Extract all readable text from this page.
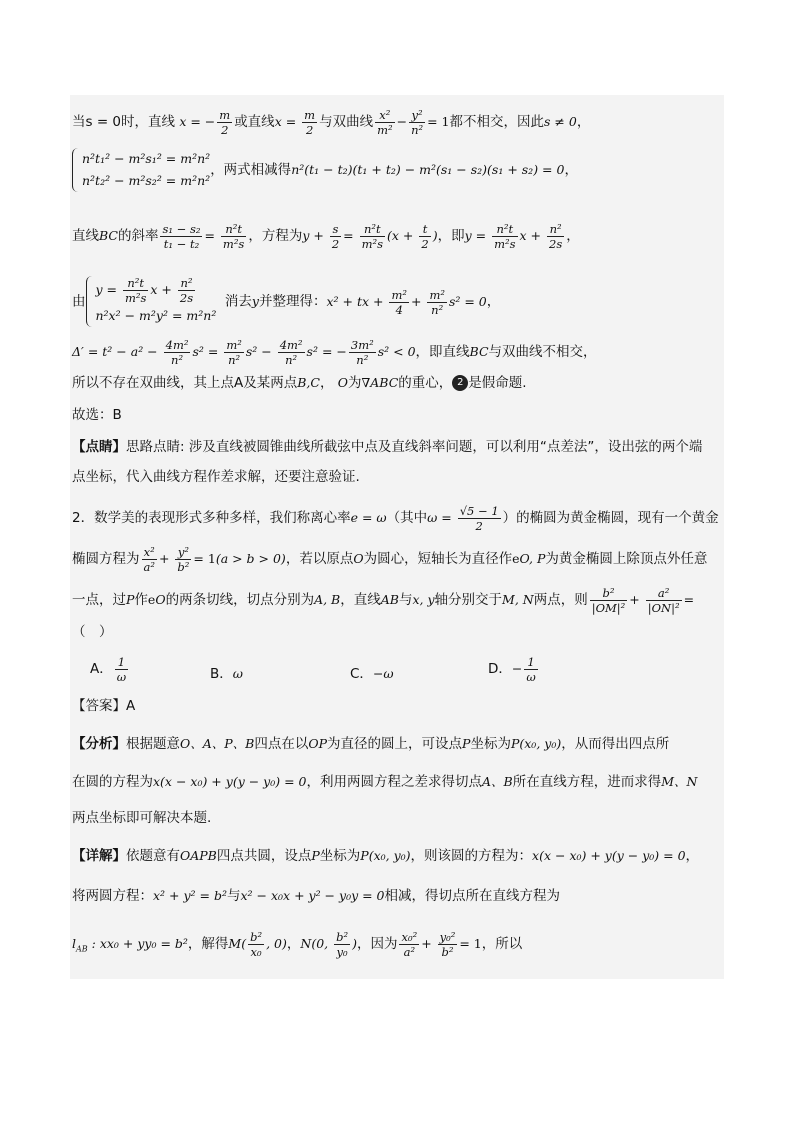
当s = 0时，直线 x = − $\frac{m}{2}$ 或直线$x = \frac{m}{2}$ 与双曲线 $\frac{\text{x²}}{\text{m²}} - \frac{\text{y²}}{\text{n²}} = 1$都不相交，因此s ≠ 0，
n²t₁² − m²s₁² = m²n²
n²t₂² − m²s₂² = m²n²
，两式相减得n²(t₁ − t₂)(t₁ + t₂) − m²(s₁ − s₂)(s₁ + s₂) = 0，
直线BC的斜率 $\frac{\text{s₁ − s₂}}{\text{t₁ − t₂}} = \frac{\text{n²t}}{\text{m²s}}$ ，方程为$y + \frac{s}{2} = \frac{\text{n²t}}{\text{m²s}} (x + \frac{t}{2}$ )，即$y = \frac{\text{n²t}}{\text{m²s}}$ $x + \frac{\text{n²}}{2s}$ ，
由
$y = \frac{\text{n²t}}{\text{m²s}}$ $x + \frac{\text{n²}}{2s}$
n²x² − m²y² = m²n²
消去y并整理得：x² + tx + $\frac{\text{m²}}{4} + \frac{\text{m²}}{\text{n²}} s^2 = 0$，
$\Delta' = t^2 - a^2 - \frac{\text{4m²}}{\text{n²}} s^2 = \frac{\text{m²}}{\text{n²}} s^2 - \frac{\text{4m²}}{\text{n²}} s^2$ = − $\frac{\text{3m²}}{\text{n²}} s^2 < 0$，即直线BC与双曲线不相交，
所以不存在双曲线，其上点A及某两点B,C， O为∇ABC的重心， 2 是假命题.
故选：B
【点睛】思路点睛: 涉及直线被圆锥曲线所截弦中点及直线斜率问题，可以利用“点差法”，设出弦的两个端
点坐标，代入曲线方程作差求解，还要注意验证.
2．数学美的表现形式多种多样，我们称离心率e = ω（其中$\omega = \frac{√5 - 1}{2}$ ）的椭圆为黄金椭圆，现有一个黄金
椭圆方程为 $\frac{\text{x²}}{\text{a²}} + \frac{\text{y²}}{\text{b²}} = 1(a > b > 0)$，若以原点O为圆心，短轴长为直径作eO, P为黄金椭圆上除顶点外任意
一点，过P作eO的两条切线，切点分别为A, B，直线AB与x, y轴分别交于M, N两点，则 $\frac{\text{b²}}{\text{|OM|²}} + \frac{\text{a²}}{\text{|ON|²}}$ =
（　）
A． $\frac{1}{\omega}$	B．ω	C．−ω	D．− $\frac{1}{\omega}$
【答案】A
【分析】根据题意O、A、P、B四点在以OP为直径的圆上，可设点P坐标为P(x₀, y₀)，从而得出四点所
在圆的方程为x(x − x₀) + y(y − y₀) = 0，利用两圆方程之差求得切点A、B所在直线方程，进而求得M、N
两点坐标即可解决本题.
【详解】依题意有OAPB四点共圆，设点P坐标为P(x₀, y₀)，则该圆的方程为：x(x − x₀) + y(y − y₀) = 0，
将两圆方程：x² + y² = b²与x² − x₀x + y² − y₀y = 0相减，得切点所在直线方程为
$l_{AB}$ : xx₀ + yy₀ = b²，解得$M( \frac{\text{b²}}{\text{x₀}}$ , 0)，N(0, $\frac{\text{b²}}{\text{y₀}}$ )，因为 $\frac{\text{x₀²}}{\text{a²}} + \frac{\text{y₀²}}{\text{b²}} = 1$，所以
